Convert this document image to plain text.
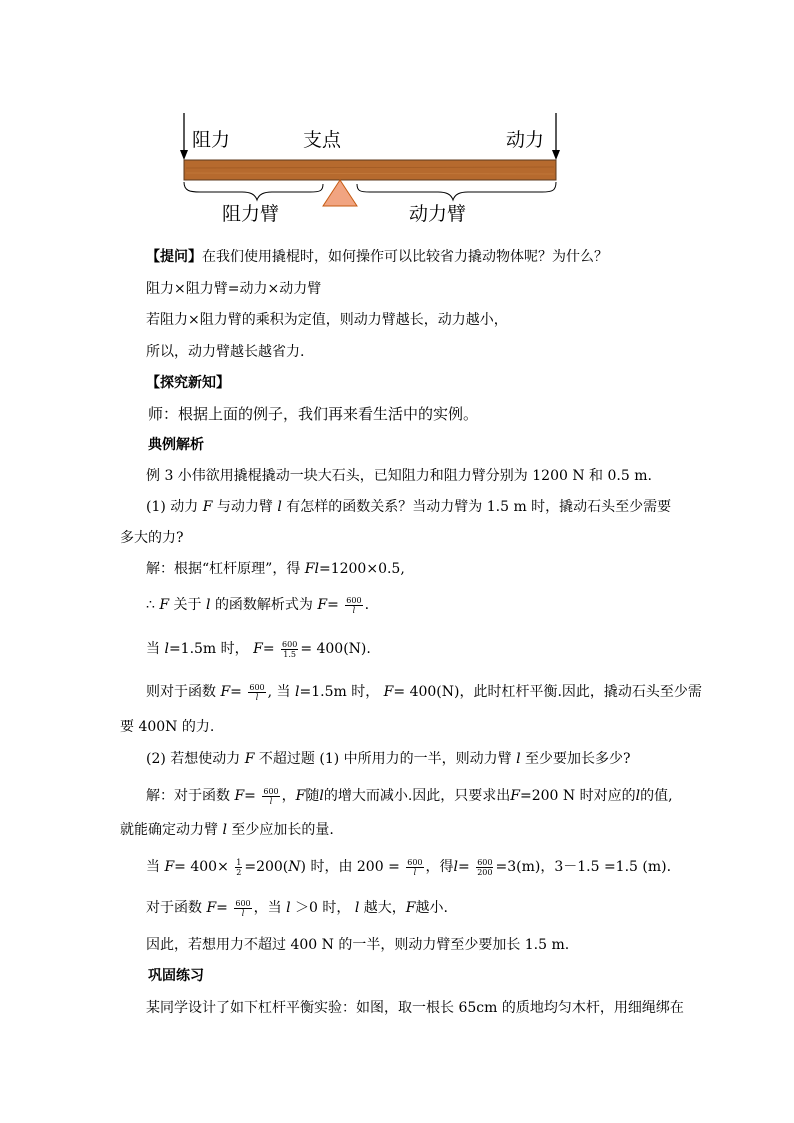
阻力	支点	动力
阻力臂	动力臂
【提问】在我们使用撬棍时，如何操作可以比较省力撬动物体呢？为什么？
阻力×阻力臂=动力×动力臂
若阻力×阻力臂的乘积为定值，则动力臂越长，动力越小，
所以，动力臂越长越省力.
【探究新知】
师：根据上面的例子，我们再来看生活中的实例。
典例解析
例 3 小伟欲用撬棍撬动一块大石头，已知阻力和阻力臂分别为 1200 N 和 0.5 m.
(1) 动力 F 与动力臂 l 有怎样的函数关系？当动力臂为 1.5 m 时，撬动石头至少需要
多大的力?
解：根据“杠杆原理”，得 Fl=1200×0.5,
∴ F 关于 l 的函数解析式为 $F= \frac{600}{l}$ .
当 l=1.5m 时， $F= \frac{600}{1.5} = 400(N)$.
则对于函数 $F= \frac{600}{l}$ , 当 l=1.5m 时， F= 400(N)，此时杠杆平衡.因此，撬动石头至少需
要 400N 的力.
(2) 若想使动力 F 不超过题 (1) 中所用力的一半，则动力臂 l 至少要加长多少?
解：对于函数 $F= \frac{600}{l}$ ，F随l的增大而减小.因此，只要求出F=200 N 时对应的l的值,
就能确定动力臂 l 至少应加长的量.
当 $F= 400\times \frac{1}{2} =200(N)$ 时，由 $200 = \frac{600}{l}$ ，得$l= \frac{600}{200} =3(m)$，3－1.5 =1.5 (m).
对于函数 $F= \frac{600}{l}$ ，当 l ＞0 时， l 越大，F越小.
因此，若想用力不超过 400 N 的一半，则动力臂至少要加长 1.5 m.
巩固练习
某同学设计了如下杠杆平衡实验：如图，取一根长 65cm 的质地均匀木杆，用细绳绑在
